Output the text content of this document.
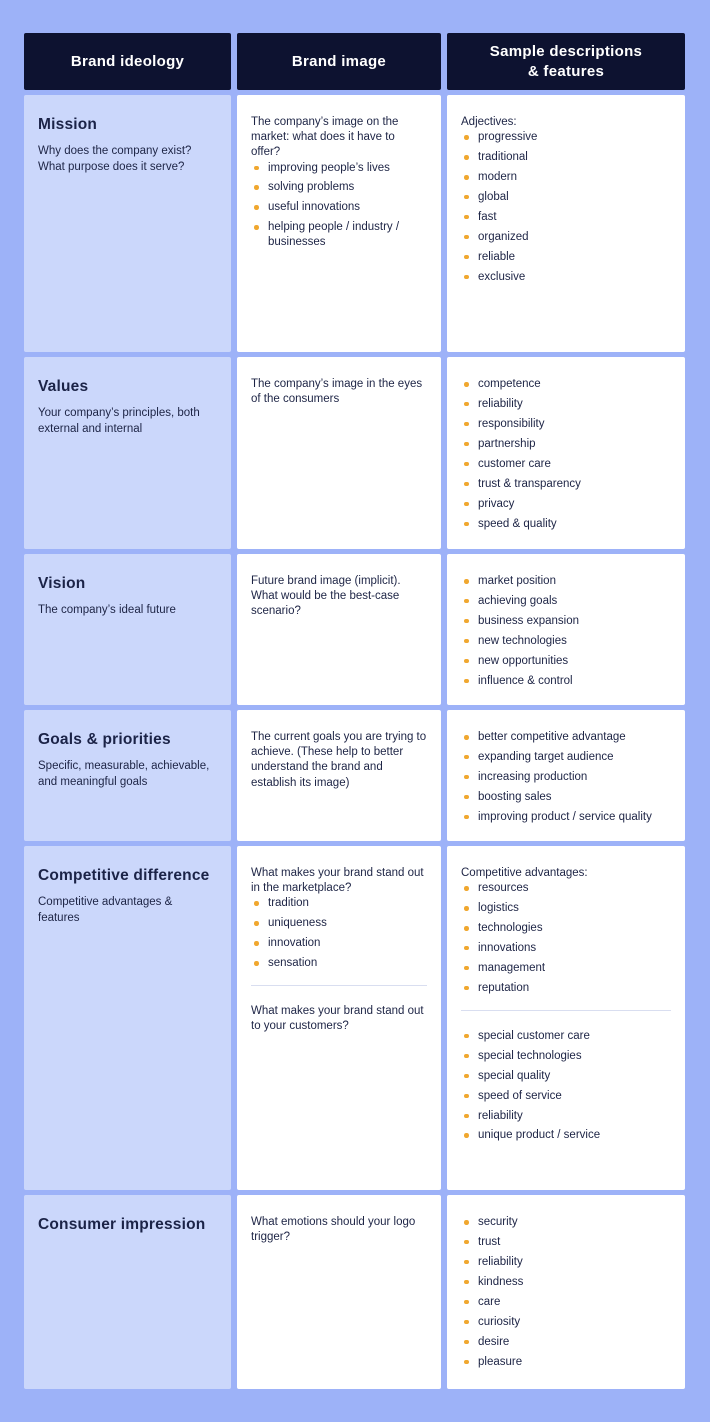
Brand ideology	Brand image
Sample descriptions
& features
Mission

Why does the company exist? What purpose does it serve?

The company’s image on the market: what does it have to offer?

improving people’s lives
solving problems
useful innovations
helping people / industry / businesses

Adjectives:

progressive
traditional
modern
global
fast
organized
reliable
exclusive
Values

Your company’s principles, both external and internal

The company’s image in the eyes of the consumers

competence
reliability
responsibility
partnership
customer care
trust & transparency
privacy
speed & quality
Vision

The company’s ideal future

Future brand image (implicit). What would be the best-case scenario?

market position
achieving goals
business expansion
new technologies
new opportunities
influence & control
Goals & priorities

Specific, measurable, achievable, and meaningful goals

The current goals you are trying to achieve. (These help to better understand the brand and establish its image)

better competitive advantage
expanding target audience
increasing production
boosting sales
improving product / service quality
Competitive difference

Competitive advantages & features

What makes your brand stand out in the marketplace?

tradition
uniqueness
innovation
sensation

What makes your brand stand out to your customers?

Competitive advantages:

resources
logistics
technologies
innovations
management
reputation
special customer care
special technologies
special quality
speed of service
reliability
unique product / service
Consumer impression	What emotions should your logo trigger?

security
trust
reliability
kindness
care
curiosity
desire
pleasure
